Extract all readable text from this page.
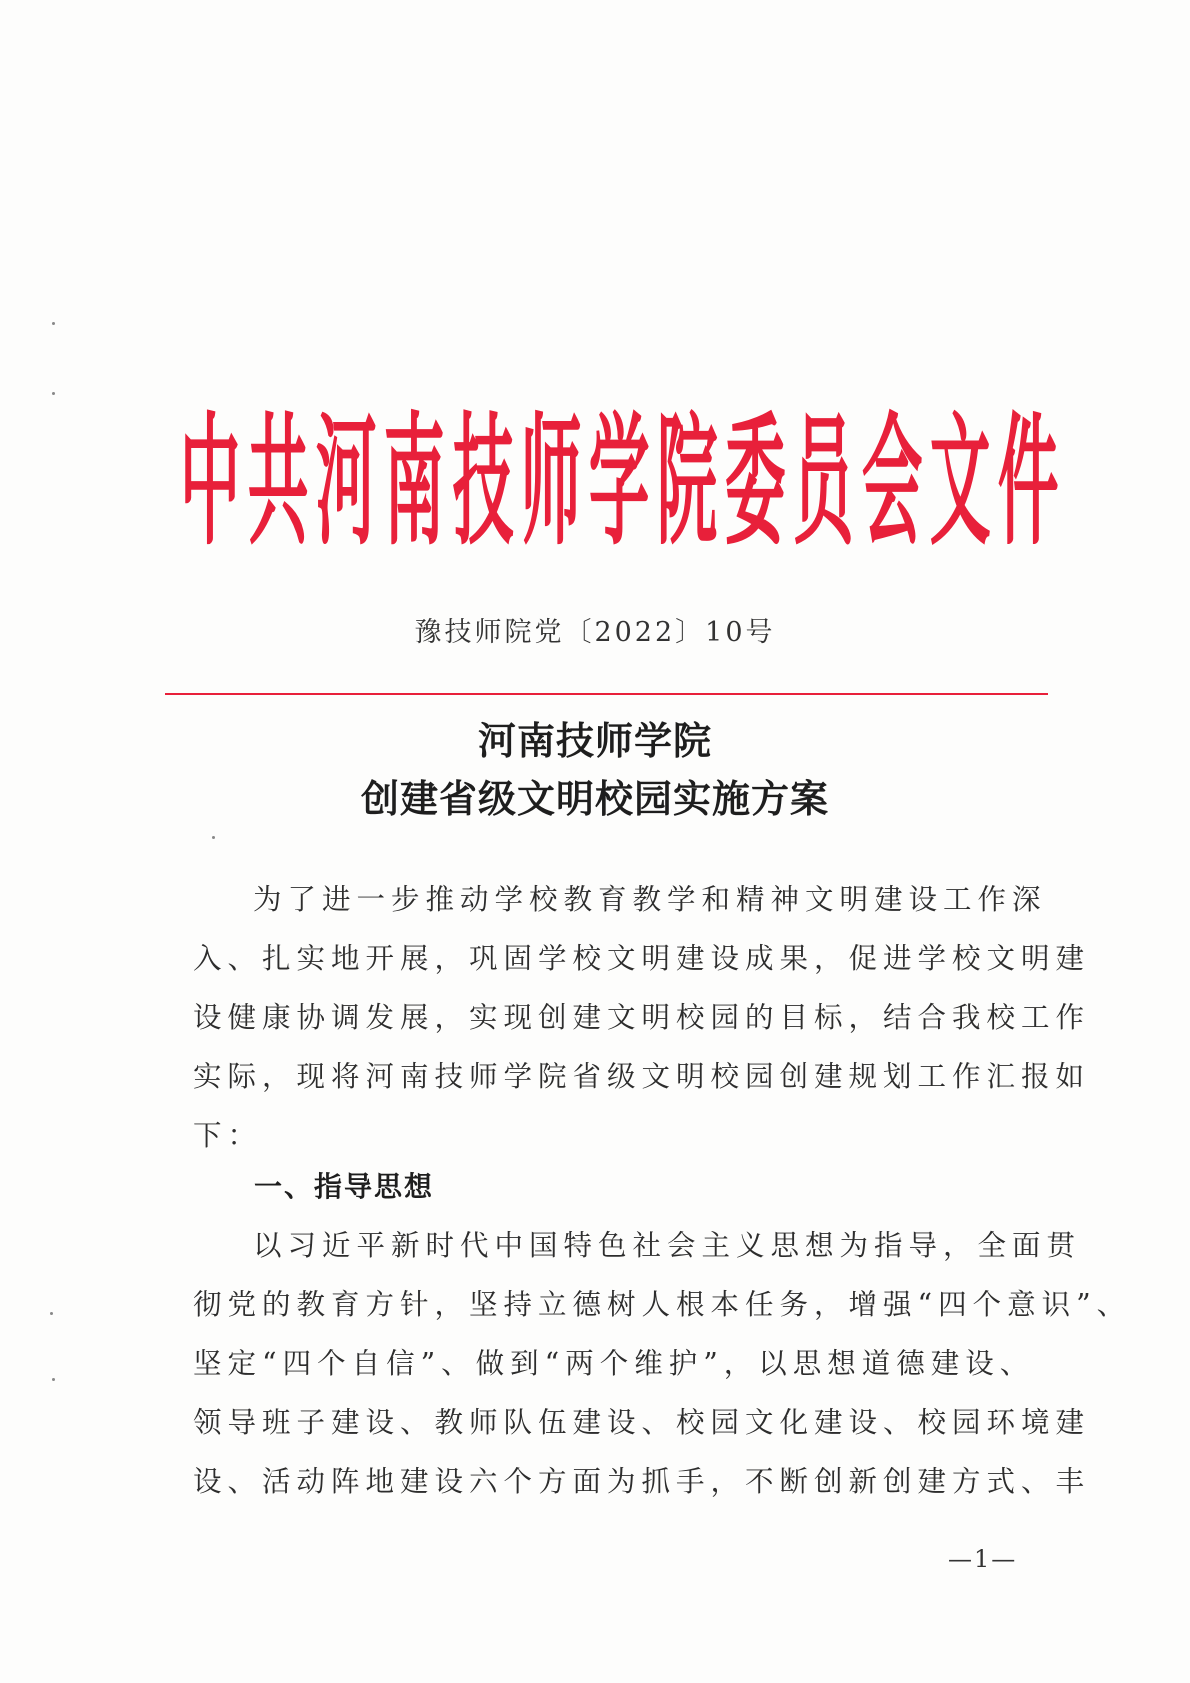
中 共 河 南 技 师 学 院 委 员 会 文 件
豫技师院党〔2022〕10号
河南技师学院
创建省级文明校园实施方案
为了进一步推动学校教育教学和精神文明建设工作深
入、扎实地开展，巩固学校文明建设成果，促进学校文明建
设健康协调发展，实现创建文明校园的目标，结合我校工作
实际，现将河南技师学院省级文明校园创建规划工作汇报如
下：
一、指导思想
以习近平新时代中国特色社会主义思想为指导，全面贯
彻党的教育方针，坚持立德树人根本任务，增强“四个意识”、
坚定“四个自信”、做到“两个维护”，以思想道德建设、
领导班子建设、教师队伍建设、校园文化建设、校园环境建
设、活动阵地建设六个方面为抓手，不断创新创建方式、丰
—1—
